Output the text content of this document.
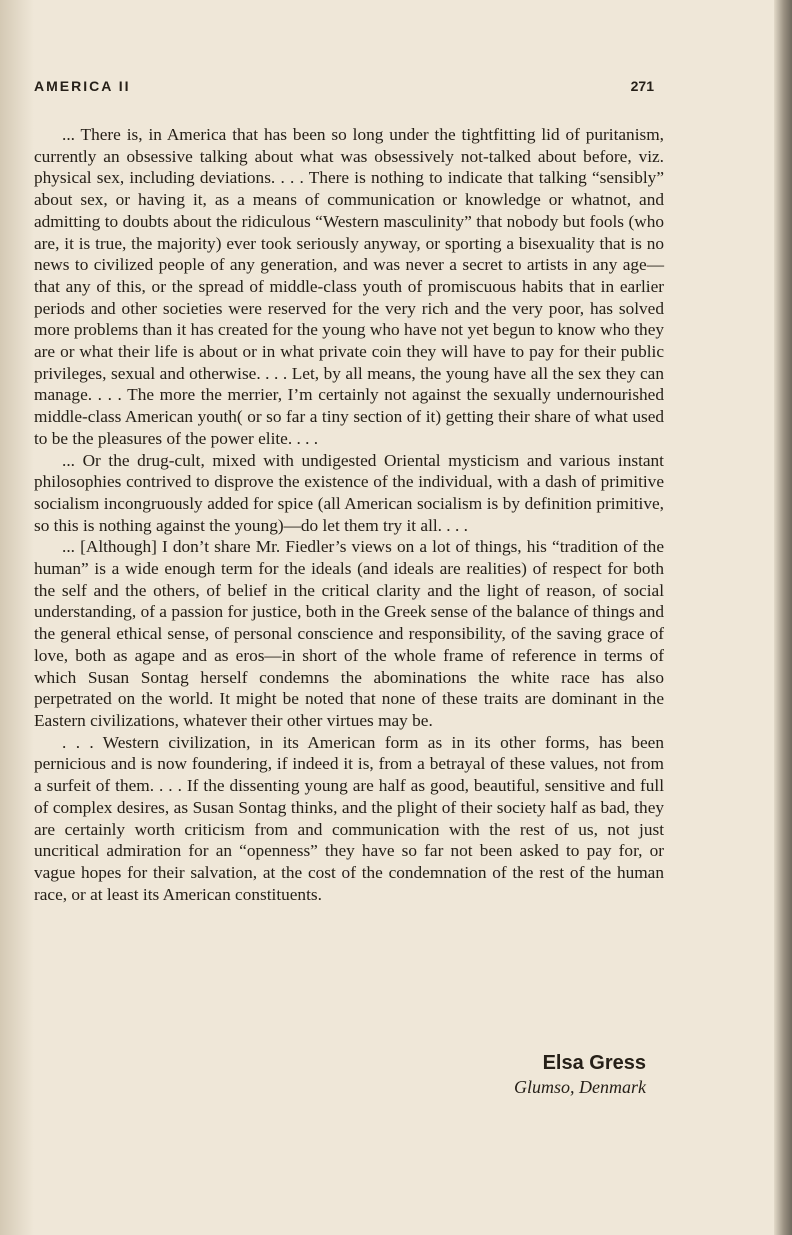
AMERICA II	271

... There is, in America that has been so long under the tightfitting lid of puritanism, currently an obsessive talking about what was obsessively not-talked about before, viz. physical sex, including deviations. . . . There is nothing to indicate that talking “sensibly” about sex, or having it, as a means of communication or knowledge or whatnot, and admitting to doubts about the ridiculous “Western masculinity” that nobody but fools (who are, it is true, the majority) ever took seriously anyway, or sporting a bisexuality that is no news to civilized people of any generation, and was never a secret to artists in any age—that any of this, or the spread of middle-class youth of promiscuous habits that in earlier periods and other societies were reserved for the very rich and the very poor, has solved more problems than it has created for the young who have not yet begun to know who they are or what their life is about or in what private coin they will have to pay for their public privileges, sexual and otherwise. . . . Let, by all means, the young have all the sex they can manage. . . . The more the merrier, I’m certainly not against the sexually undernourished middle-class American youth( or so far a tiny section of it) getting their share of what used to be the pleasures of the power elite. . . .

... Or the drug-cult, mixed with undigested Oriental mysticism and various instant philosophies contrived to disprove the existence of the individual, with a dash of primitive socialism incongruously added for spice (all American socialism is by definition primitive, so this is nothing against the young)—do let them try it all. . . .

... [Although] I don’t share Mr. Fiedler’s views on a lot of things, his “tradition of the human” is a wide enough term for the ideals (and ideals are realities) of respect for both the self and the others, of belief in the critical clarity and the light of reason, of social understanding, of a passion for justice, both in the Greek sense of the balance of things and the general ethical sense, of personal conscience and responsibility, of the saving grace of love, both as agape and as eros—in short of the whole frame of reference in terms of which Susan Sontag herself condemns the abominations the white race has also perpetrated on the world. It might be noted that none of these traits are dominant in the Eastern civilizations, whatever their other virtues may be.

. . . Western civilization, in its American form as in its other forms, has been pernicious and is now foundering, if indeed it is, from a betrayal of these values, not from a surfeit of them. . . . If the dissenting young are half as good, beautiful, sensitive and full of complex desires, as Susan Sontag thinks, and the plight of their society half as bad, they are certainly worth criticism from and communication with the rest of us, not just uncritical admiration for an “openness” they have so far not been asked to pay for, or vague hopes for their salvation, at the cost of the condemnation of the rest of the human race, or at least its American constituents.

Elsa Gress
Glumso, Denmark
